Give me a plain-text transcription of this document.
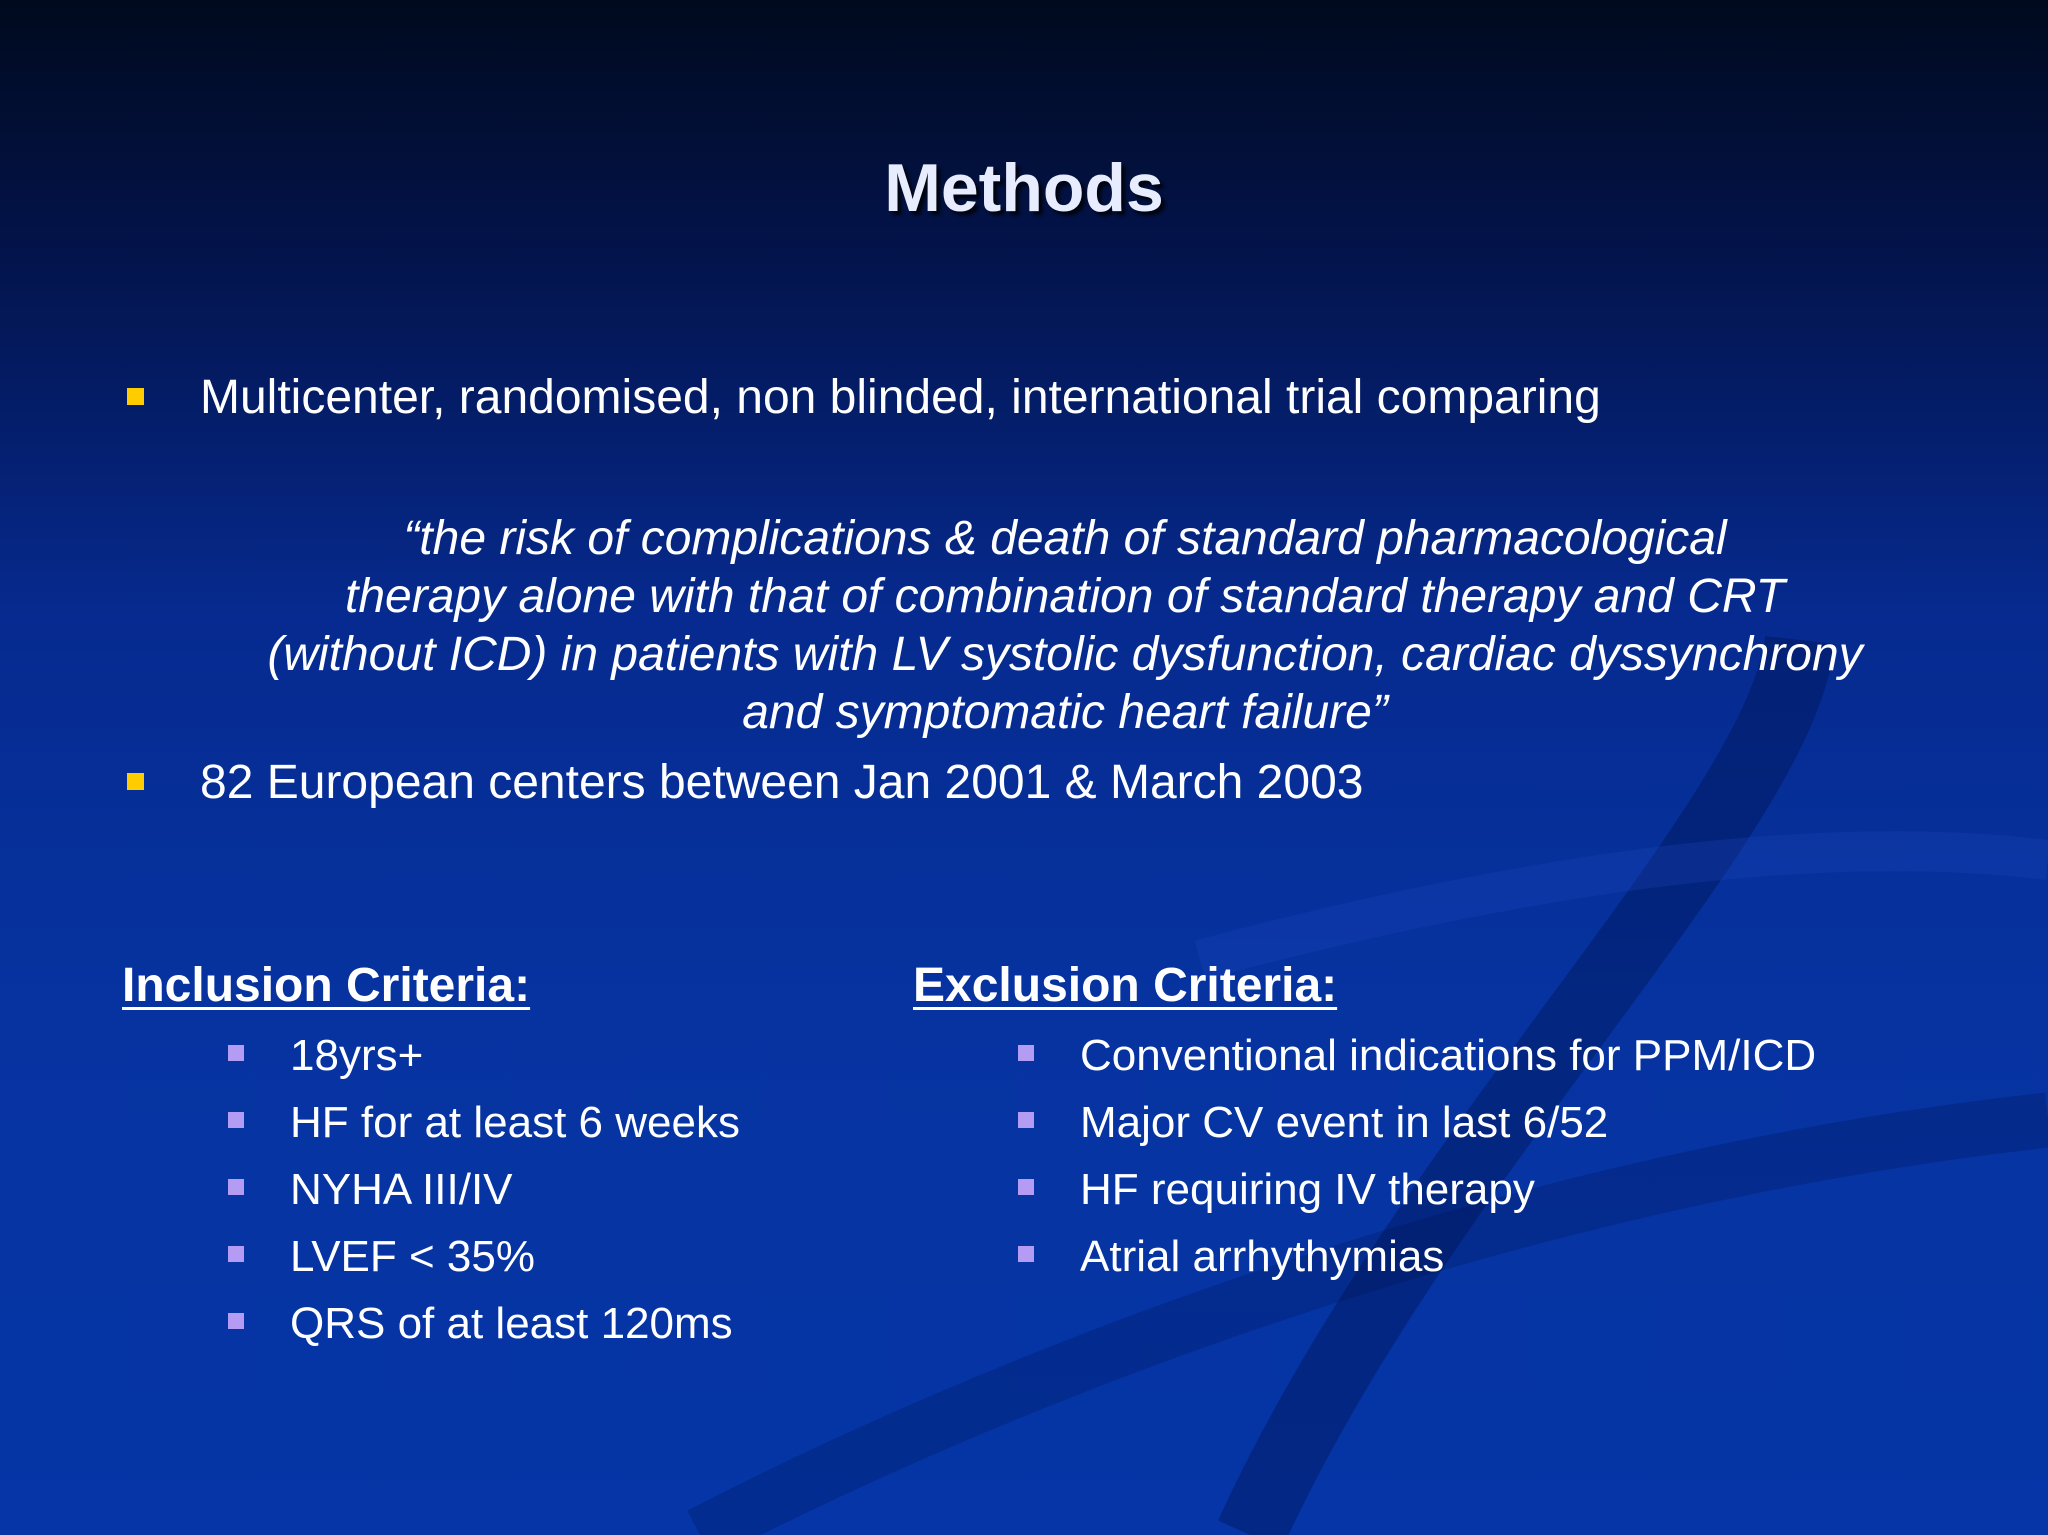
Methods
Multicenter, randomised, non blinded, international trial comparing
“the risk of complications & death of standard pharmacological
therapy alone with that of combination of standard therapy and CRT
(without ICD) in patients with LV systolic dysfunction, cardiac dyssynchrony
and symptomatic heart failure”
82 European centers between Jan 2001 & March 2003
Inclusion Criteria:
18yrs+
HF for at least 6 weeks
NYHA III/IV
LVEF < 35%
QRS of at least 120ms
Exclusion Criteria:
Conventional indications for PPM/ICD
Major CV event in last 6/52
HF requiring IV therapy
Atrial arrhythymias
